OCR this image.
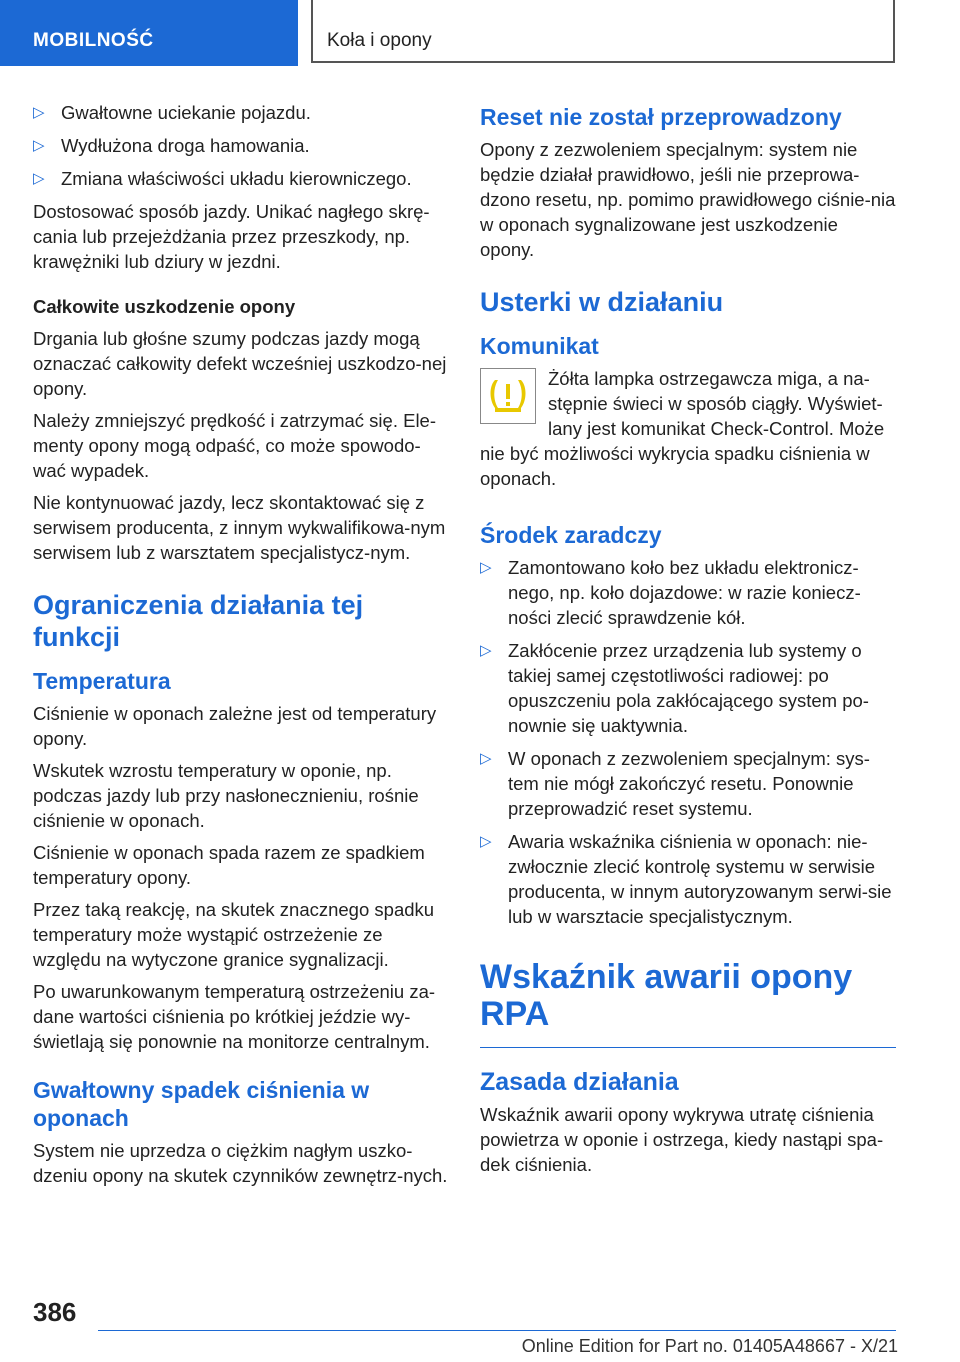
MOBILNOŚĆ	Koła i opony
▷ Gwałtowne uciekanie pojazdu.
▷ Wydłużona droga hamowania.
▷ Zmiana właściwości układu kierowniczego.

Dostosować sposób jazdy. Unikać nagłego skrę-cania lub przejeżdżania przez przeszkody, np. krawężniki lub dziury w jezdni.

Całkowite uszkodzenie opony

Drgania lub głośne szumy podczas jazdy mogą oznaczać całkowity defekt wcześniej uszkodzo-nej opony.

Należy zmniejszyć prędkość i zatrzymać się. Ele-menty opony mogą odpaść, co może spowodo-wać wypadek.

Nie kontynuować jazdy, lecz skontaktować się z serwisem producenta, z innym wykwalifikowa-nym serwisem lub z warsztatem specjalistycz-nym.

Ograniczenia działania tej funkcji
Temperatura

Ciśnienie w oponach zależne jest od temperatury opony.

Wskutek wzrostu temperatury w oponie, np. podczas jazdy lub przy nasłonecznieniu, rośnie ciśnienie w oponach.

Ciśnienie w oponach spada razem ze spadkiem temperatury opony.

Przez taką reakcję, na skutek znacznego spadku temperatury może wystąpić ostrzeżenie ze względu na wytyczone granice sygnalizacji.

Po uwarunkowanym temperaturą ostrzeżeniu za-dane wartości ciśnienia po krótkiej jeździe wy-świetlają się ponownie na monitorze centralnym.

Gwałtowny spadek ciśnienia w oponach

System nie uprzedza o ciężkim nagłym uszko-dzeniu opony na skutek czynników zewnętrz-nych.

Reset nie został przeprowadzony

Opony z zezwoleniem specjalnym: system nie będzie działał prawidłowo, jeśli nie przeprowa-dzono resetu, np. pomimo prawidłowego ciśnie-nia w oponach sygnalizowane jest uszkodzenie opony.

Usterki w działaniu
Komunikat

Żółta lampka ostrzegawcza miga, a na-stępnie świeci w sposób ciągły. Wyświet-lany jest komunikat Check-Control. Może nie być możliwości wykrycia spadku ciśnienia w oponach.

Środek zaradczy
▷ Zamontowano koło bez układu elektronicz-nego, np. koło dojazdowe: w razie koniecz-ności zlecić sprawdzenie kół.
▷ Zakłócenie przez urządzenia lub systemy o takiej samej częstotliwości radiowej: po opuszczeniu pola zakłócającego system po-nownie się uaktywnia.
▷ W oponach z zezwoleniem specjalnym: sys-tem nie mógł zakończyć resetu. Ponownie przeprowadzić reset systemu.
▷ Awaria wskaźnika ciśnienia w oponach: nie-zwłocznie zlecić kontrolę systemu w serwisie producenta, w innym autoryzowanym serwi-sie lub w warsztacie specjalistycznym.
Wskaźnik awarii opony RPA
Zasada działania

Wskaźnik awarii opony wykrywa utratę ciśnienia powietrza w oponie i ostrzega, kiedy nastąpi spa-dek ciśnienia.

386
Online Edition for Part no. 01405A48667 - X/21
